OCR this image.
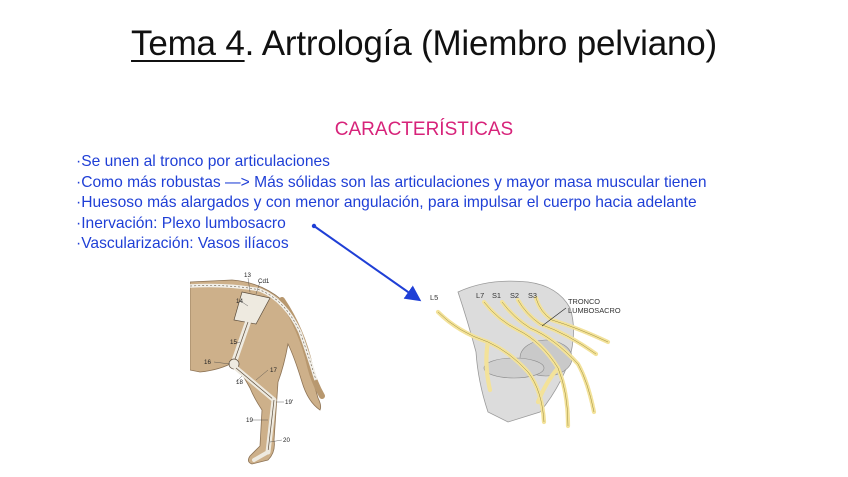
Tema 4. Artrología (Miembro pelviano)
CARACTERÍSTICAS
·Se unen al tronco por articulaciones
·Como más robustas —> Más sólidas son las articulaciones y mayor masa muscular tienen
·Huesoso más alargados y con menor angulación, para impulsar el cuerpo hacia adelante
·Inervación: Plexo lumbosacro
·Vascularización: Vasos ilíacos
13
Cd1
14
15
16
17
18
19'
19
20
L5	L7 S1 S2 S3
TRONCO
LUMBOSACRO
